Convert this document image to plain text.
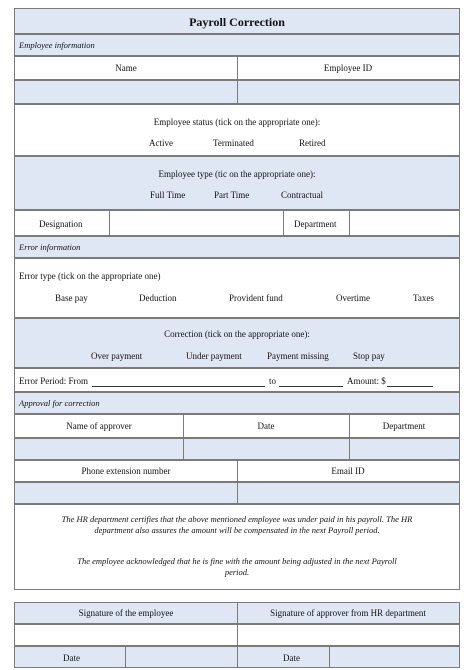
Payroll Correction
Employee information
Name	Employee ID
Employee status (tick on the appropriate one):
Active	Terminated	Retired
Employee type (tic on the appropriate one):
Full Time	Part Time	Contractual
Designation	Department
Error information
Error type (tick on the appropriate one)
Base pay	Deduction	Provident fund	Overtime	Taxes
Correction (tick on the appropriate one):
Over payment	Under payment	Payment missing	Stop pay
Error Period: From	to	Amount: $
Approval for correction
Name of approver	Date	Department
Phone extension number	Email ID
The HR department certifies that the above mentioned employee was under paid in his payroll. The HR department also assures the amount will be compensated in the next Payroll period.
The employee acknowledged that he is fine with the amount being adjusted in the next Payroll period.
Signature of the employee	Signature of approver from HR department
Date	Date
